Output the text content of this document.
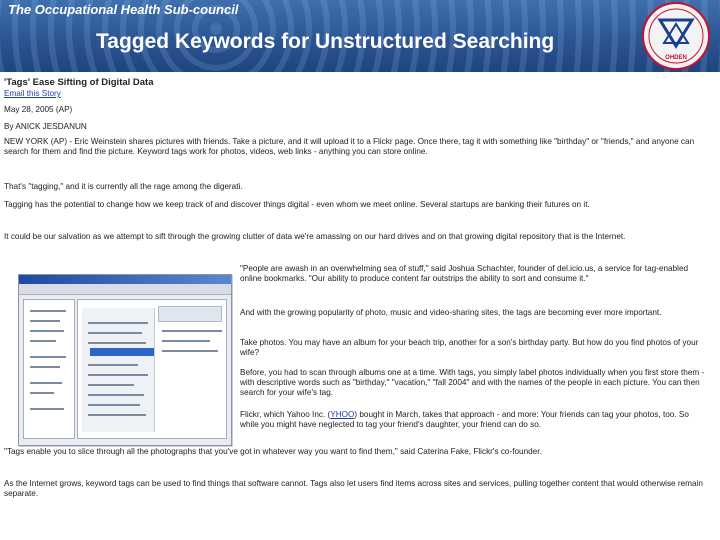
The Occupational Health Sub-council
Tagged Keywords for Unstructured Searching
OHDEN

'Tags' Ease Sifting of Digital Data

Email this Story

May 28, 2005 (AP)

By ANICK JESDANUN

NEW YORK (AP) - Eric Weinstein shares pictures with friends. Take a picture, and it will upload it to a Flickr page. Once there, tag it with something like "birthday" or "friends," and anyone can search for them and find the picture. Keyword tags work for photos, videos, web links - anything you can store online.

That's "tagging," and it is currently all the rage among the digerati.

Tagging has the potential to change how we keep track of and discover things digital - even whom we meet online. Several startups are banking their futures on it.

It could be our salvation as we attempt to sift through the growing clutter of data we're amassing on our hard drives and on that growing digital repository that is the Internet.

"People are awash in an overwhelming sea of stuff," said Joshua Schachter, founder of del.icio.us, a service for tag-enabled online bookmarks. "Our ability to produce content far outstrips the ability to sort and consume it."

And with the growing popularity of photo, music and video-sharing sites, the tags are becoming ever more important.

Take photos. You may have an album for your beach trip, another for a son's birthday party. But how do you find photos of your wife?

Before, you had to scan through albums one at a time. With tags, you simply label photos individually when you first store them - with descriptive words such as "birthday," "vacation," "fall 2004" and with the names of the people in each picture. You can then search for your wife's tag.

Flickr, which Yahoo Inc. (YHOO) bought in March, takes that approach - and more: Your friends can tag your photos, too. So while you might have neglected to tag your friend's daughter, your friend can do so.

"Tags enable you to slice through all the photographs that you've got in whatever way you want to find them," said Caterina Fake, Flickr's co-founder.

As the Internet grows, keyword tags can be used to find things that software cannot. Tags also let users find items across sites and services, pulling together content that would otherwise remain separate.
